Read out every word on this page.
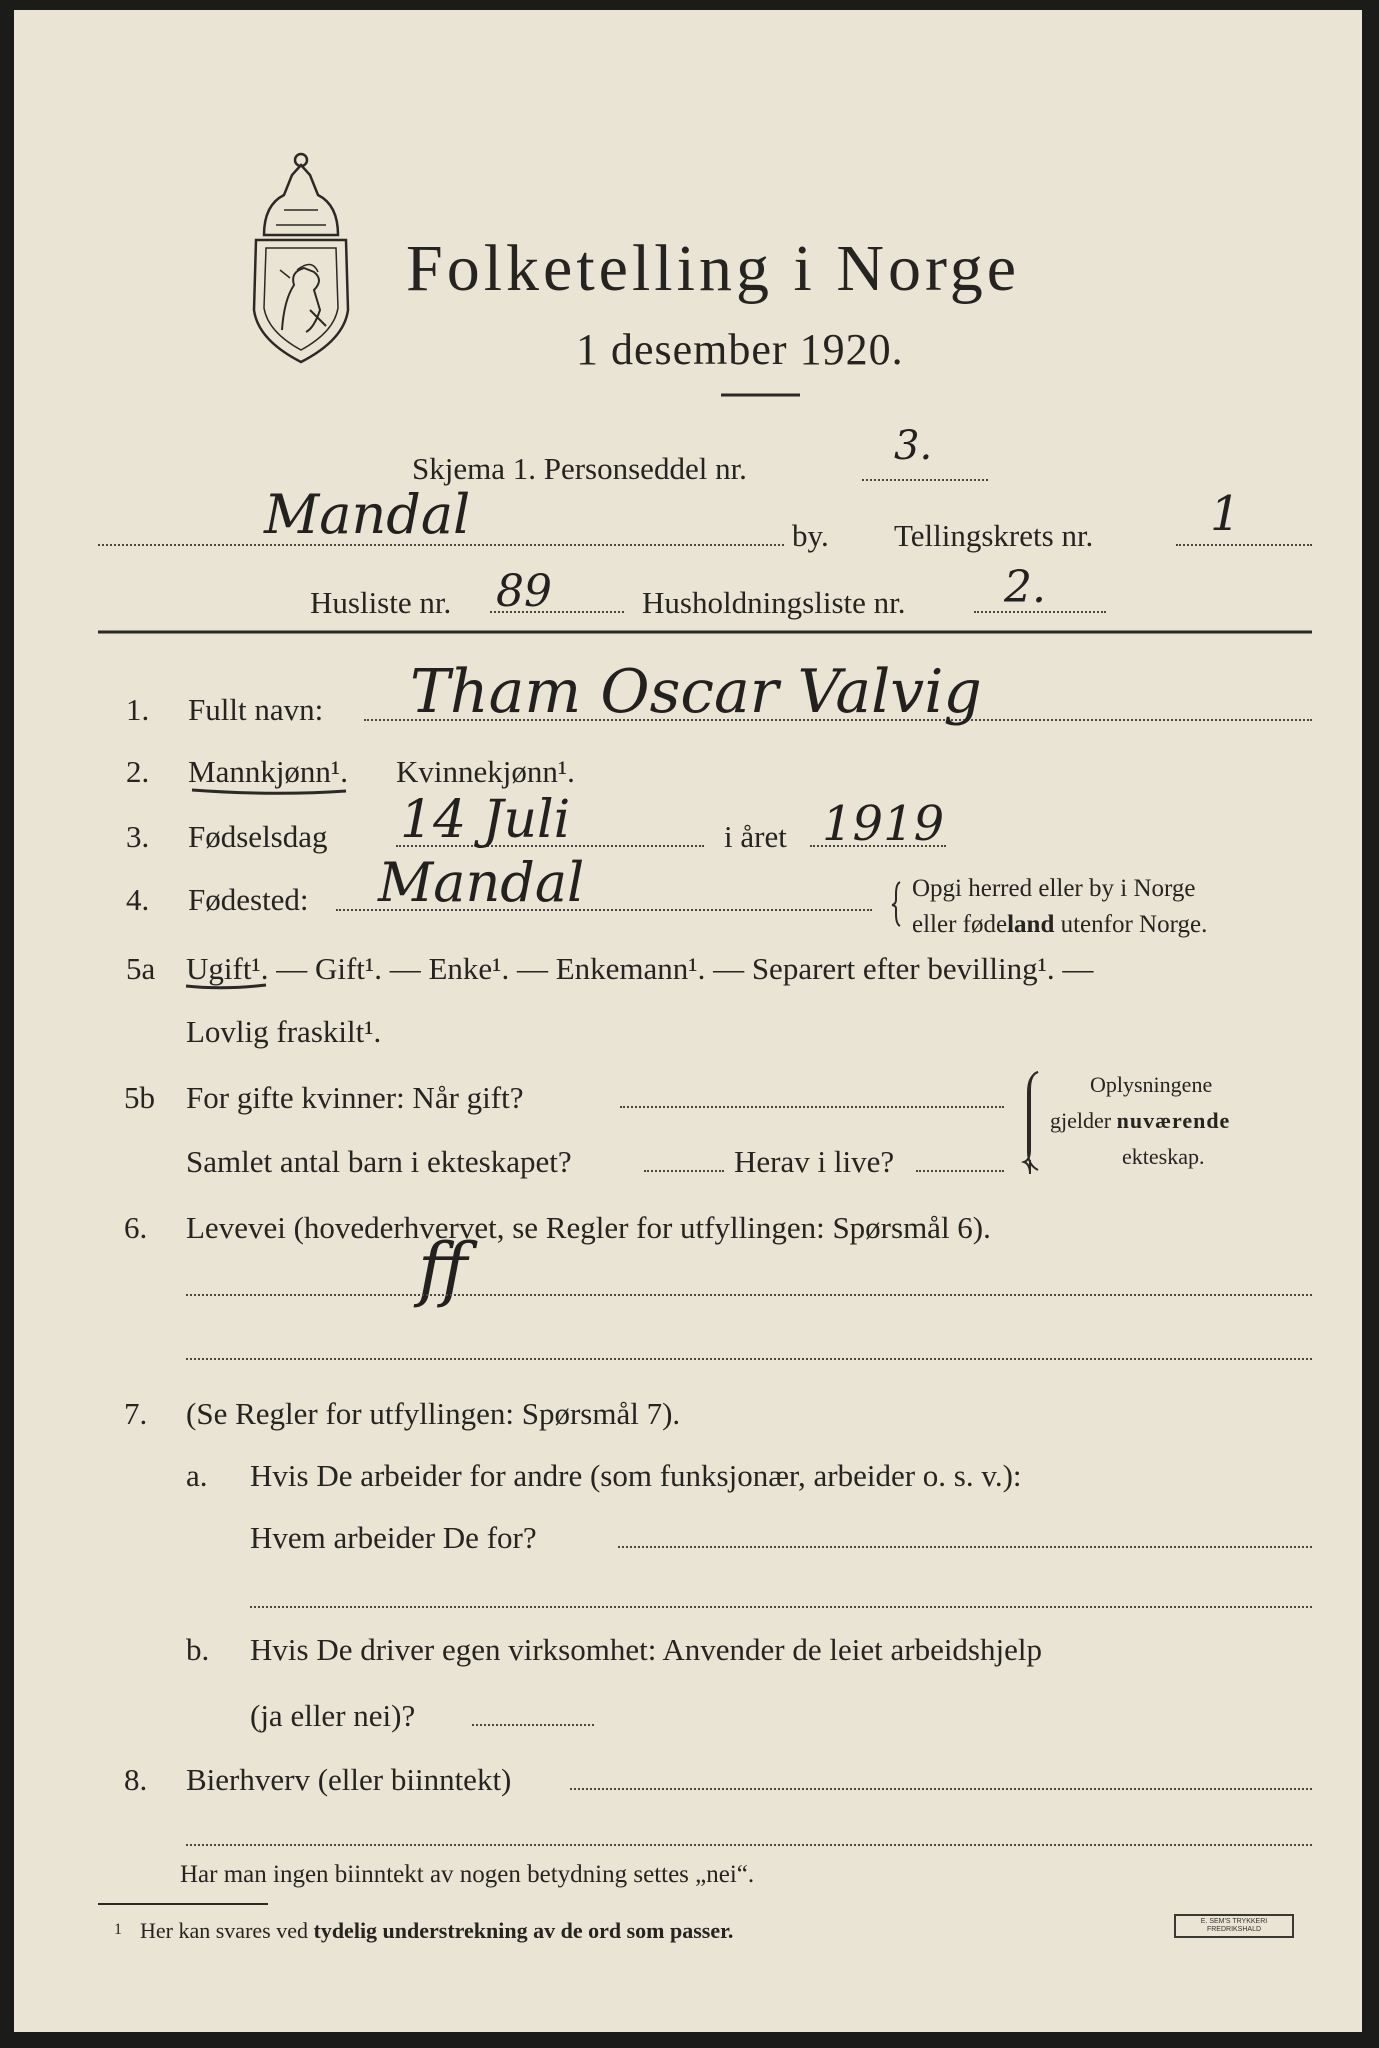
Folketelling i Norge
1 desember 1920.
Skjema 1. Personseddel nr.	3.
Mandal	by. Tellingskrets nr. 1
Husliste nr. 89	Husholdningsliste nr. 2.
1. Fullt navn: Tham Oscar Valvig
2. Mannkjønn¹. Kvinnekjønn¹.
3. Fødselsdag 14 Juli	i året 1919
4. Fødested: Mandal	Opgi herred eller by i Norge
eller fødeland utenfor Norge.
5a Ugift¹. — Gift¹. — Enke¹. — Enkemann¹. — Separert efter bevilling¹. —
Lovlig fraskilt¹.
5b For gifte kvinner: Når gift?
Samlet antal barn i ekteskapet?	Herav i live?
Oplysningene
gjelder nuværende
ekteskap.
6. Levevei (hovederhvervet, se Regler for utfyllingen: Spørsmål 6).
ff
7. (Se Regler for utfyllingen: Spørsmål 7).
a. Hvis De arbeider for andre (som funksjonær, arbeider o. s. v.):
Hvem arbeider De for?
b. Hvis De driver egen virksomhet: Anvender de leiet arbeidshjelp
(ja eller nei)?
8. Bierhverv (eller biinntekt)
Har man ingen biinntekt av nogen betydning settes „nei“.
1 Her kan svares ved tydelig understrekning av de ord som passer.	E. SEM'S TRYKKERI
FREDRIKSHALD
